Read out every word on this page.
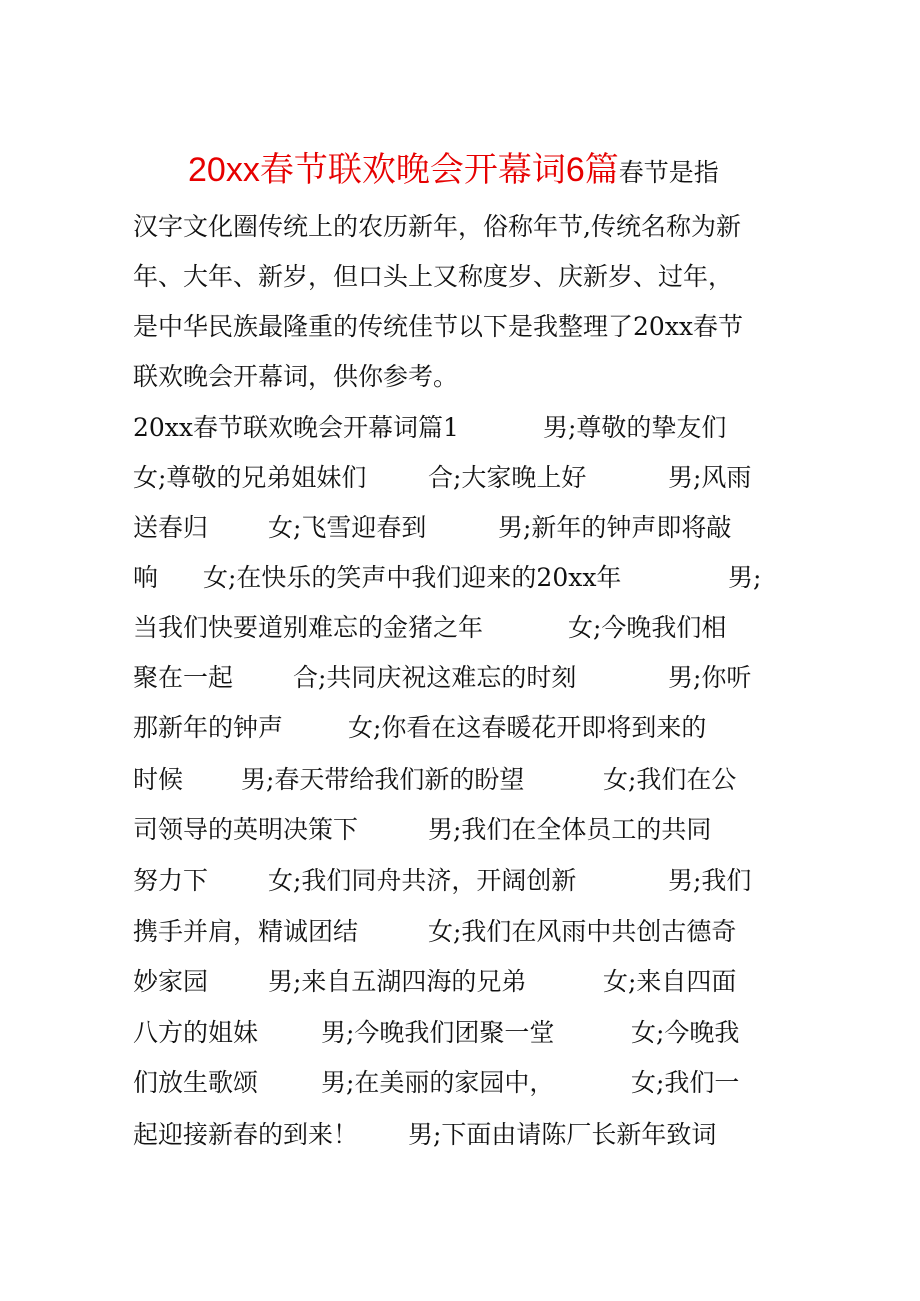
20xx春节联欢晚会开幕词6篇春节是指
汉字文化圈传统上的农历新年，俗称年节,传统名称为新
年、大年、新岁，但口头上又称度岁、庆新岁、过年，
是中华民族最隆重的传统佳节以下是我整理了20xx春节
联欢晚会开幕词，供你参考。
20xx春节联欢晚会开幕词篇1	男;尊敬的挚友们
女;尊敬的兄弟姐妹们 合;大家晚上好	男;风雨
送春归 女;飞雪迎春到	男;新年的钟声即将敲
响 女;在快乐的笑声中我们迎来的20xx年	男;
当我们快要道别难忘的金猪之年	女;今晚我们相
聚在一起 合;共同庆祝这难忘的时刻	男;你听
那新年的钟声	女;你看在这春暖花开即将到来的
时候 男;春天带给我们新的盼望	女;我们在公
司领导的英明决策下	男;我们在全体员工的共同
努力下 女;我们同舟共济，开阔创新	男;我们
携手并肩，精诚团结	女;我们在风雨中共创古德奇
妙家园 男;来自五湖四海的兄弟	女;来自四面
八方的姐妹	男;今晚我们团聚一堂	女;今晚我
们放生歌颂	男;在美丽的家园中，	女;我们一
起迎接新春的到来！ 男;下面由请陈厂长新年致词
